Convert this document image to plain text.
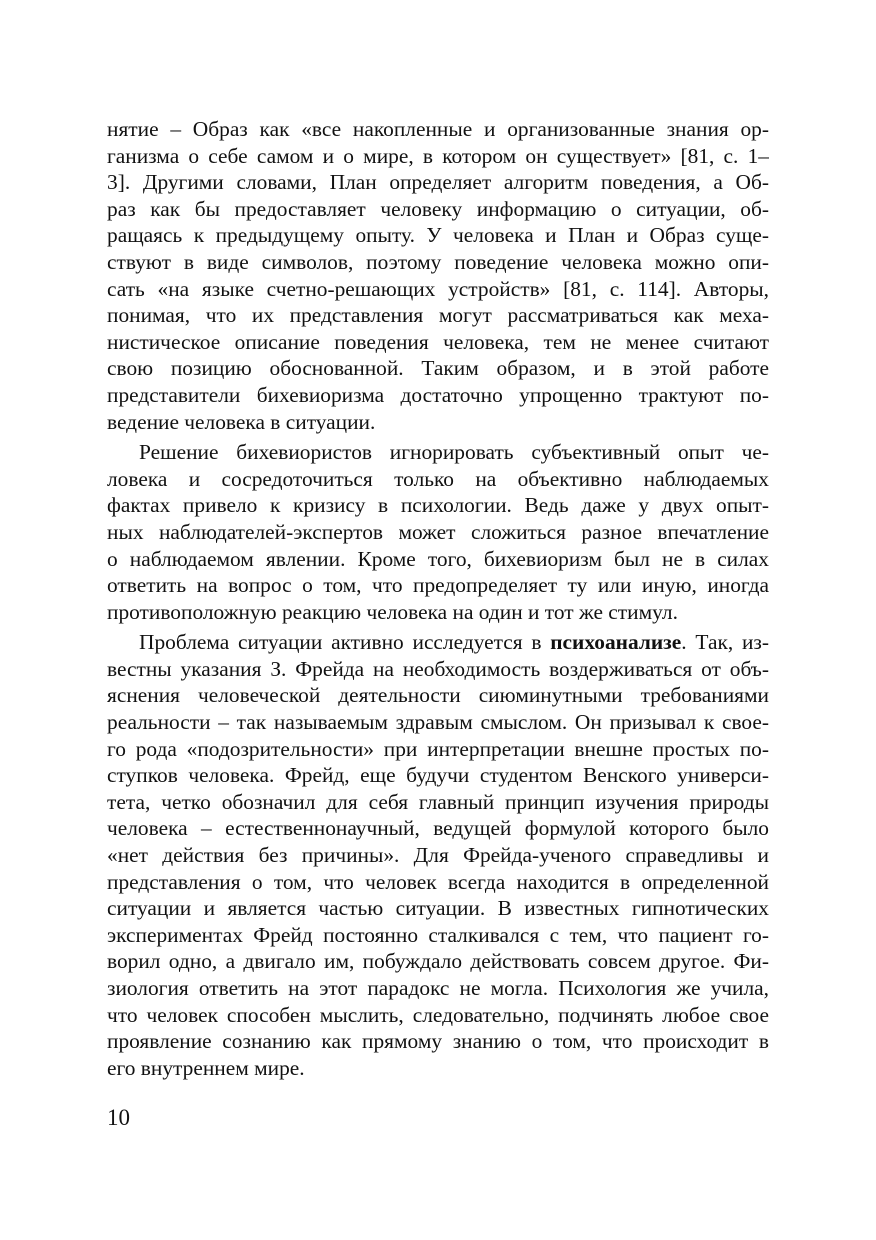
нятие – Образ как «все накопленные и организованные знания ор-
ганизма о себе самом и о мире, в котором он существует» [81, с. 1–
3]. Другими словами, План определяет алгоритм поведения, а Об-
раз как бы предоставляет человеку информацию о ситуации, об-
ращаясь к предыдущему опыту. У человека и План и Образ суще-
ствуют в виде символов, поэтому поведение человека можно опи-
сать «на языке счетно-решающих устройств» [81, с. 114]. Авторы,
понимая, что их представления могут рассматриваться как меха-
нистическое описание поведения человека, тем не менее считают
свою позицию обоснованной. Таким образом, и в этой работе
представители бихевиоризма достаточно упрощенно трактуют по-
ведение человека в ситуации.
Решение бихевиористов игнорировать субъективный опыт че-
ловека и сосредоточиться только на объективно наблюдаемых
фактах привело к кризису в психологии. Ведь даже у двух опыт-
ных наблюдателей-экспертов может сложиться разное впечатление
о наблюдаемом явлении. Кроме того, бихевиоризм был не в силах
ответить на вопрос о том, что предопределяет ту или иную, иногда
противоположную реакцию человека на один и тот же стимул.
Проблема ситуации активно исследуется в психоанализе. Так, из-
вестны указания З. Фрейда на необходимость воздерживаться от объ-
яснения человеческой деятельности сиюминутными требованиями
реальности – так называемым здравым смыслом. Он призывал к свое-
го рода «подозрительности» при интерпретации внешне простых по-
ступков человека. Фрейд, еще будучи студентом Венского универси-
тета, четко обозначил для себя главный принцип изучения природы
человека – естественнонаучный, ведущей формулой которого было
«нет действия без причины». Для Фрейда-ученого справедливы и
представления о том, что человек всегда находится в определенной
ситуации и является частью ситуации. В известных гипнотических
экспериментах Фрейд постоянно сталкивался с тем, что пациент го-
ворил одно, а двигало им, побуждало действовать совсем другое. Фи-
зиология ответить на этот парадокс не могла. Психология же учила,
что человек способен мыслить, следовательно, подчинять любое свое
проявление сознанию как прямому знанию о том, что происходит в
его внутреннем мире.
10
